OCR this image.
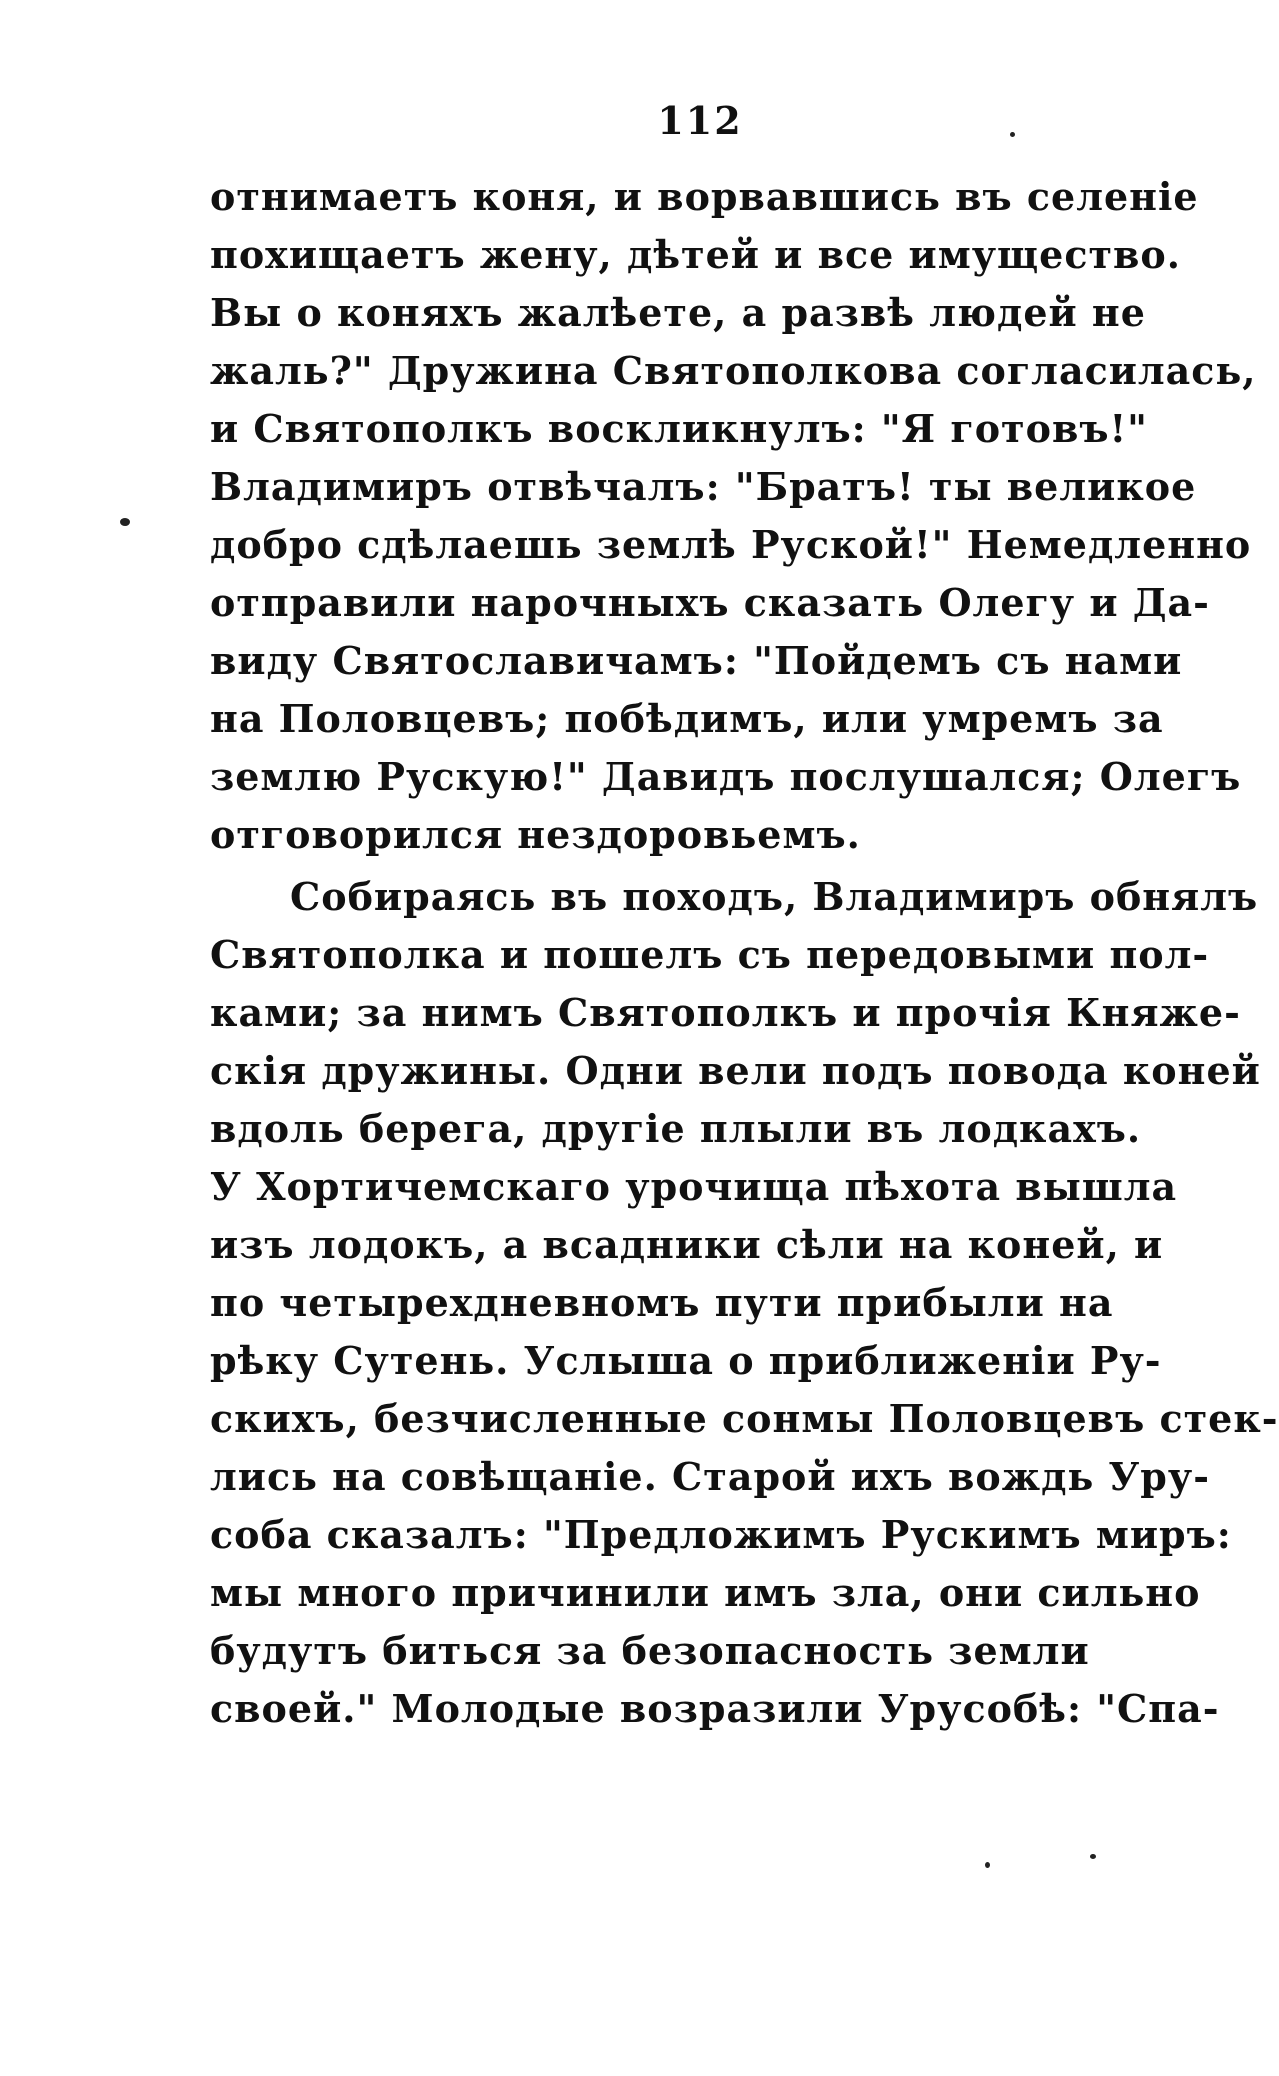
112
отнимаетъ коня, и ворвавшись въ селеніе
похищаетъ жену, дѣтей и все имущество.
Вы о коняхъ жалѣете, а развѣ людей не
жаль?" Дружина Святополкова согласилась,
и Святополкъ воскликнулъ: "Я готовъ!"
Владимиръ отвѣчалъ: "Братъ! ты великое
добро сдѣлаешь землѣ Руской!" Немедленно
отправили нарочныхъ сказать Олегу и Да-
виду Святославичамъ: "Пойдемъ съ нами
на Половцевъ; побѣдимъ, или умремъ за
землю Рускую!" Давидъ послушался; Олегъ
отговорился нездоровьемъ.
Собираясь въ походъ, Владимиръ обнялъ
Святополка и пошелъ съ передовыми пол-
ками; за нимъ Святополкъ и прочія Княже-
скія дружины. Одни вели подъ повода коней
вдоль берега, другіе плыли въ лодкахъ.
У Хортичемскаго урочища пѣхота вышла
изъ лодокъ, а всадники сѣли на коней, и
по четырехдневномъ пути прибыли на
рѣку Сутень. Услыша о приближеніи Ру-
скихъ, безчисленные сонмы Половцевъ стек-
лись на совѣщаніе. Старой ихъ вождь Уру-
соба сказалъ: "Предложимъ Рускимъ миръ:
мы много причинили имъ зла, они сильно
будутъ биться за безопасность земли
своей." Молодые возразили Урусобѣ: "Спа-
